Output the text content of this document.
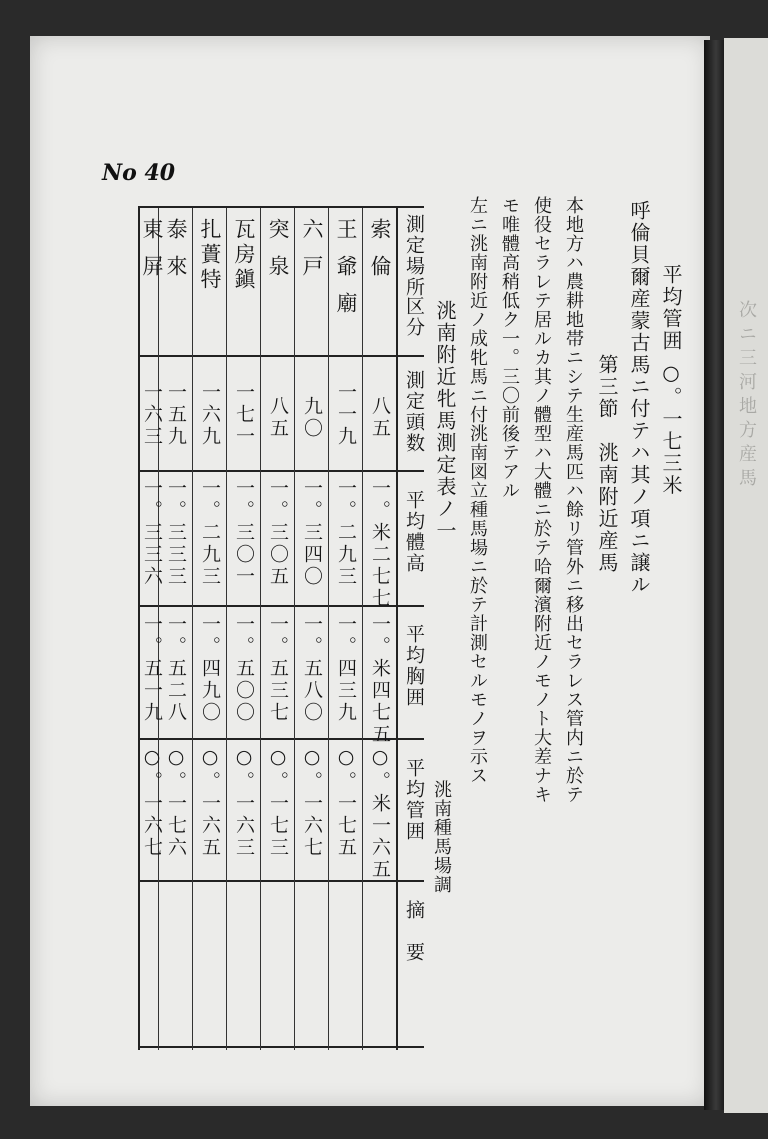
次ニ三河地方産馬
No 40
平均管囲 ○。一七三米
呼倫貝爾産蒙古馬ニ付テハ其ノ項ニ譲ル
第三節　洮南附近産馬
本地方ハ農耕地帯ニシテ生産馬匹ハ餘リ管外ニ移出セラレス管内ニ於テ
使役セラレテ居ルカ其ノ體型ハ大體ニ於テ哈爾濱附近ノモノト大差ナキ
モ唯體高稍低ク一。三〇前後テアル
左ニ洮南附近ノ成牝馬ニ付洮南図立種馬場ニ於テ計測セルモノヲ示ス
洮南附近牝馬測定表ノ一
洮南種馬場調
測定場所
区分
測定頭数
平均體高
平均胸囲
平均管囲
摘　要
索倫
八五
一。米二七七
一。米四七五
○。米一六五
王爺廟
一一九
一。二九三
一。四三九
○。一七五
六戸
九〇
一。三四〇
一。五八〇
○。一六七
突泉
八五
一。三〇五
一。五三七
○。一七三
瓦房鎭
一七一
一。三〇一
一。五〇〇
○。一六三
扎蕢特
一六九
一。二九三
一。四九〇
○。一六五
泰來
一五九
一。三三三
一。五二八
○。一七六
東屏
一六三
一。三三六
一。五一九
○。一六七
